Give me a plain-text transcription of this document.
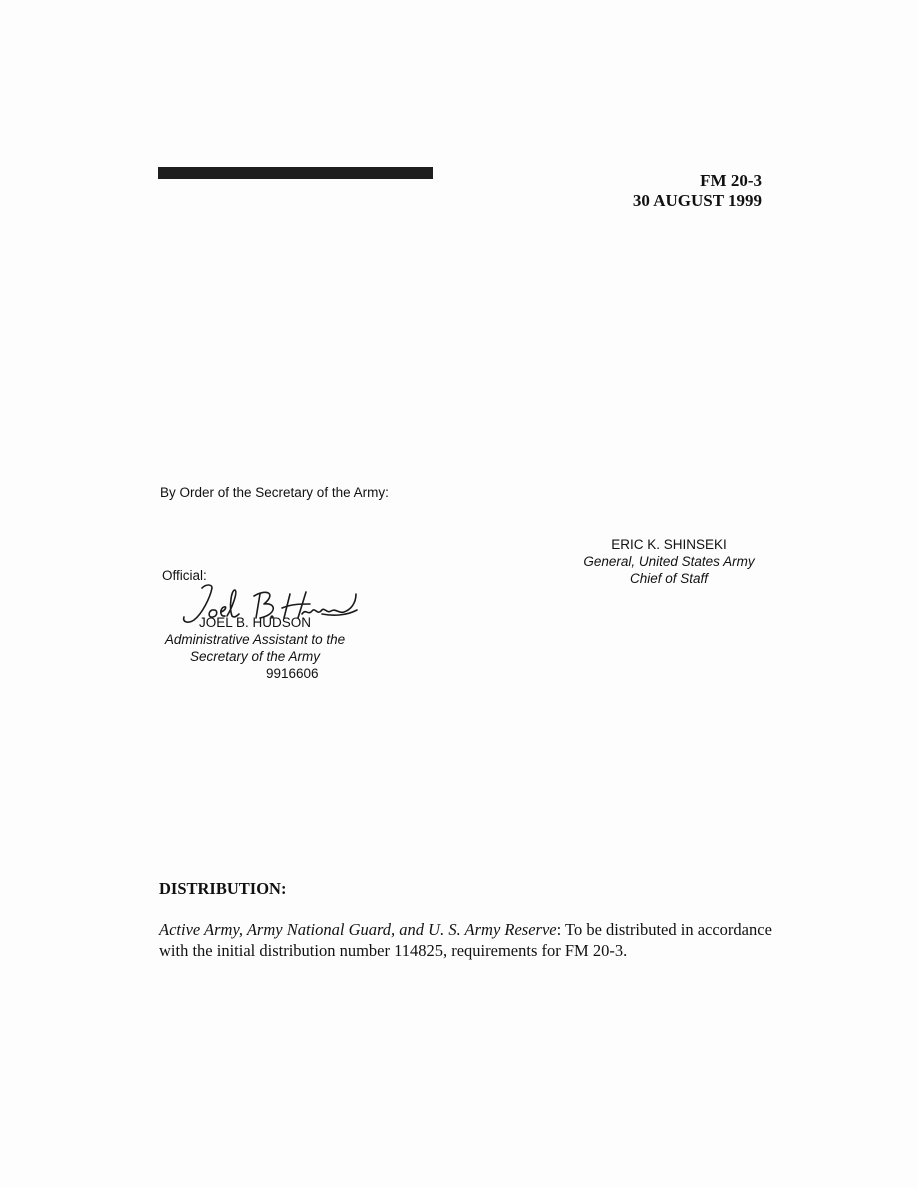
FM 20-3
30 AUGUST 1999
By Order of the Secretary of the Army:
ERIC K. SHINSEKI
General, United States Army
Chief of Staff
Official:
JOEL B. HUDSON
Administrative Assistant to the
Secretary of the Army
9916606
DISTRIBUTION:
Active Army, Army National Guard, and U. S. Army Reserve: To be distributed in accordance with the initial distribution number 114825, requirements for FM 20-3.
